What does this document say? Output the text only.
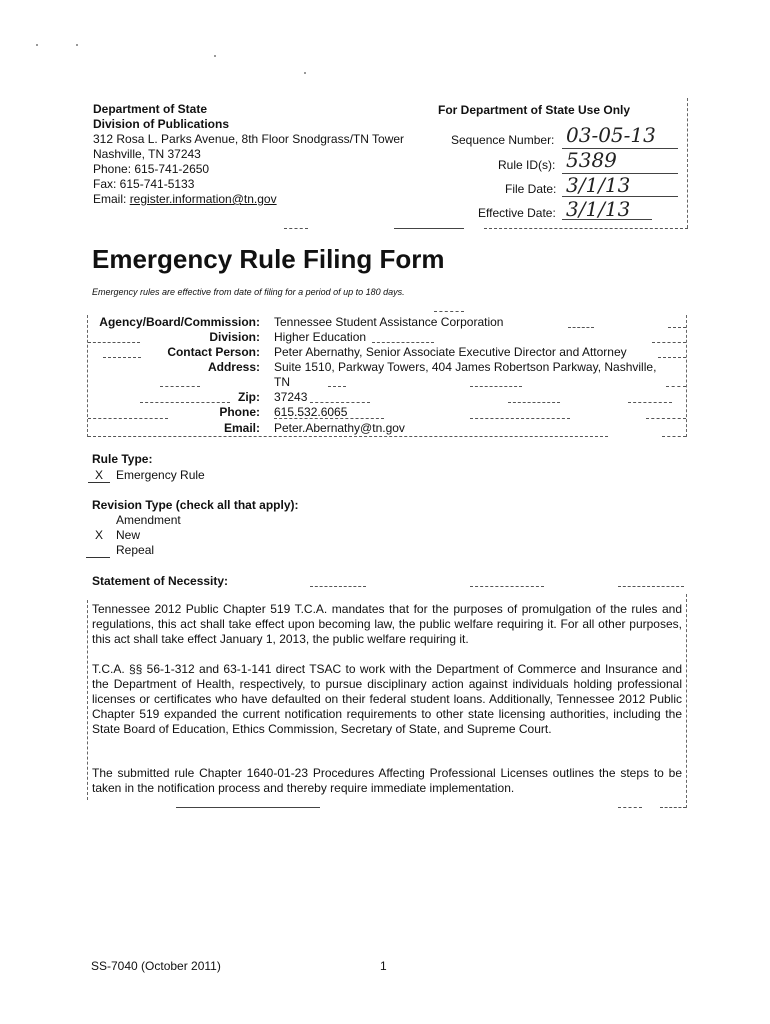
Department of State
Division of Publications
312 Rosa L. Parks Avenue, 8th Floor Snodgrass/TN Tower
Nashville, TN 37243
Phone: 615-741-2650
Fax: 615-741-5133
Email: register.information@tn.gov
For Department of State Use Only
Sequence Number: 03-05-13
Rule ID(s): 5389
File Date: 3/1/13
Effective Date: 3/1/13
Emergency Rule Filing Form
Emergency rules are effective from date of filing for a period of up to 180 days.
Agency/Board/Commission: Tennessee Student Assistance Corporation
Division: Higher Education
Contact Person: Peter Abernathy, Senior Associate Executive Director and Attorney
Address: Suite 1510, Parkway Towers, 404 James Robertson Parkway, Nashville,
TN
Zip: 37243
Phone: 615.532.6065
Email: Peter.Abernathy@tn.gov
Rule Type:
X	Emergency Rule
Revision Type (check all that apply):
Amendment
X	New
Repeal
Statement of Necessity:
Tennessee 2012 Public Chapter 519 T.C.A. mandates that for the purposes of promulgation of the rules and regulations, this act shall take effect upon becoming law, the public welfare requiring it. For all other purposes, this act shall take effect January 1, 2013, the public welfare requiring it.
T.C.A. §§ 56-1-312 and 63-1-141 direct TSAC to work with the Department of Commerce and Insurance and the Department of Health, respectively, to pursue disciplinary action against individuals holding professional licenses or certificates who have defaulted on their federal student loans. Additionally, Tennessee 2012 Public Chapter 519 expanded the current notification requirements to other state licensing authorities, including the State Board of Education, Ethics Commission, Secretary of State, and Supreme Court.
The submitted rule Chapter 1640-01-23 Procedures Affecting Professional Licenses outlines the steps to be taken in the notification process and thereby require immediate implementation.
SS-7040 (October 2011)	1
